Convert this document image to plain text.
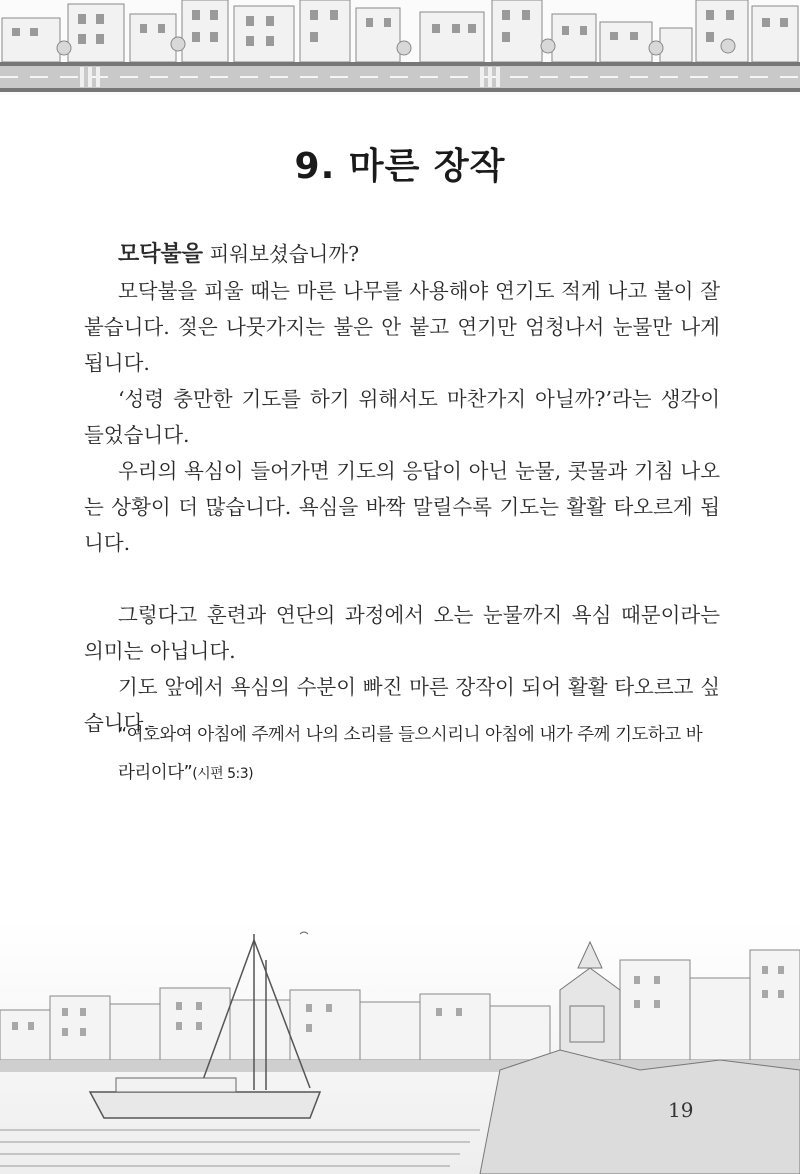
9. 마른 장작

모닥불을 피워보셨습니까?

모닥불을 피울 때는 마른 나무를 사용해야 연기도 적게 나고 불이 잘 붙습니다. 젖은 나뭇가지는 불은 안 붙고 연기만 엄청나서 눈물만 나게 됩니다.

‘성령 충만한 기도를 하기 위해서도 마찬가지 아닐까?’라는 생각이 들었습니다.

우리의 욕심이 들어가면 기도의 응답이 아닌 눈물, 콧물과 기침 나오는 상황이 더 많습니다. 욕심을 바짝 말릴수록 기도는 활활 타오르게 됩니다.

그렇다고 훈련과 연단의 과정에서 오는 눈물까지 욕심 때문이라는 의미는 아닙니다.

기도 앞에서 욕심의 수분이 빠진 마른 장작이 되어 활활 타오르고 싶습니다.

“여호와여 아침에 주께서 나의 소리를 들으시리니 아침에 내가 주께 기도하고 바라리이다”(시편 5:3)
19
